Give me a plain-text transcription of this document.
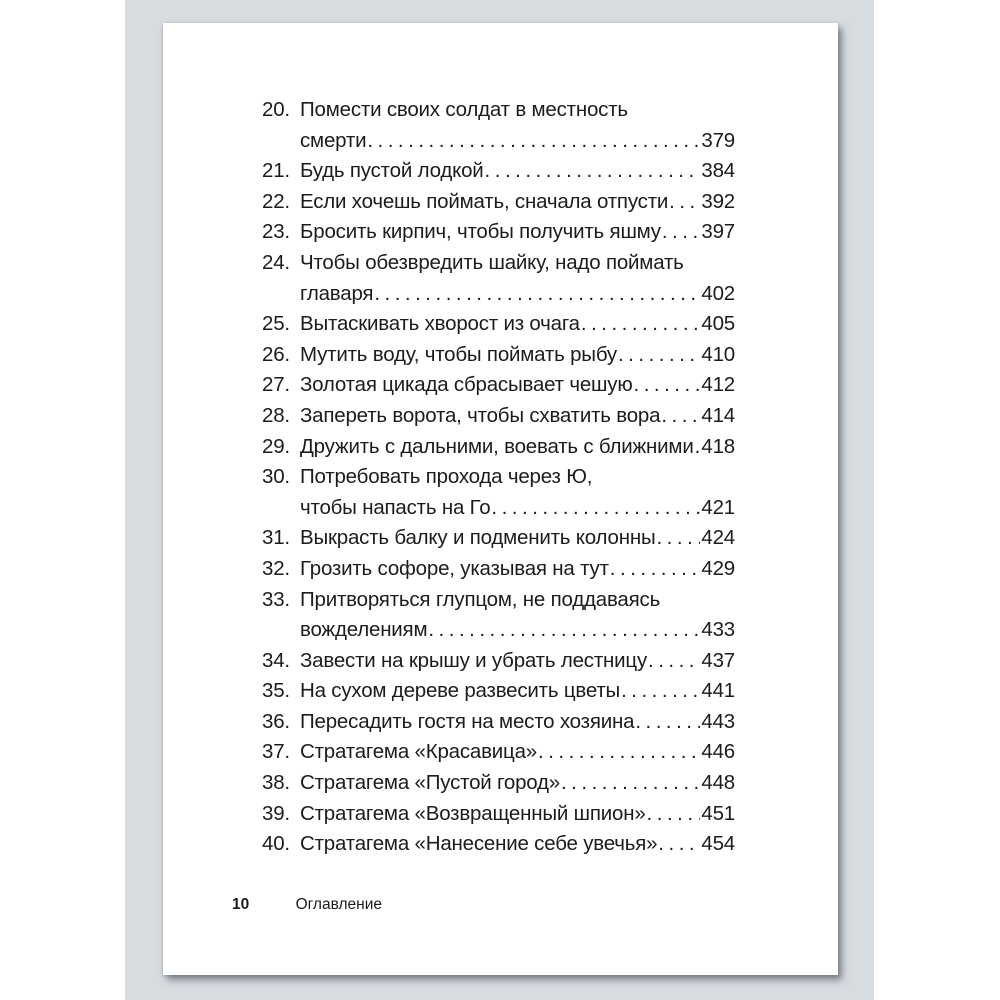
20. Помести своих солдат в местность
смерти .....	379
21. Будь пустой лодкой .....	384
22. Если хочешь поймать, сначала отпусти ..... 392
23. Бросить кирпич, чтобы получить яшму ..... 397
24. Чтобы обезвредить шайку, надо поймать
главаря .....	402
25. Вытаскивать хворост из очага .....	405
26. Мутить воду, чтобы поймать рыбу .....	410
27. Золотая цикада сбрасывает чешую .....	412
28. Запереть ворота, чтобы схватить вора ..... 414
29. Дружить с дальними, воевать с ближними ..... 418
30. Потребовать прохода через Ю,
чтобы напасть на Го .....	421
31. Выкрасть балку и подменить колонны ..... 424
32. Грозить софоре, указывая на тут .....	429
33. Притворяться глупцом, не поддаваясь
вожделениям .....	433
34. Завести на крышу и убрать лестницу .....	437
35. На сухом дереве развесить цветы .....	441
36. Пересадить гостя на место хозяина .....	443
37. Стратагема «Красавица» .....	446
38. Стратагема «Пустой город» .....	448
39. Стратагема «Возвращенный шпион» .....	451
40. Стратагема «Нанесение себе увечья» ..... 454
10	Оглавление
